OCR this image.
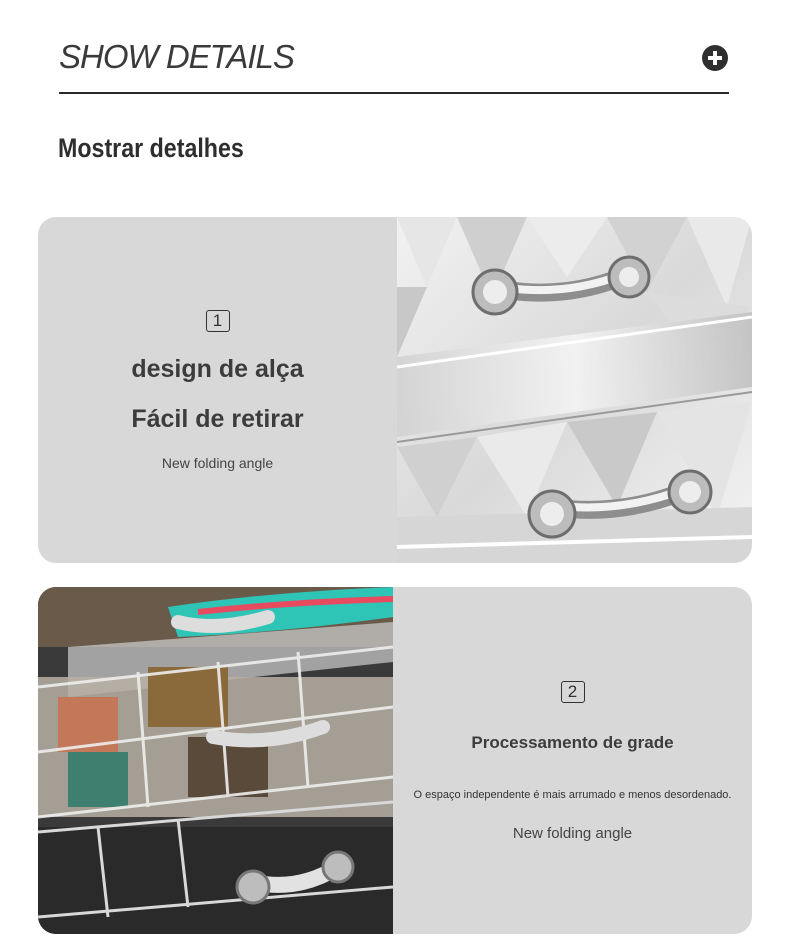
SHOW DETAILS
Mostrar detalhes
1
design de alça
Fácil de retirar
New folding angle
2
Processamento de grade
O espaço independente é mais arrumado e menos desordenado.
New folding angle
